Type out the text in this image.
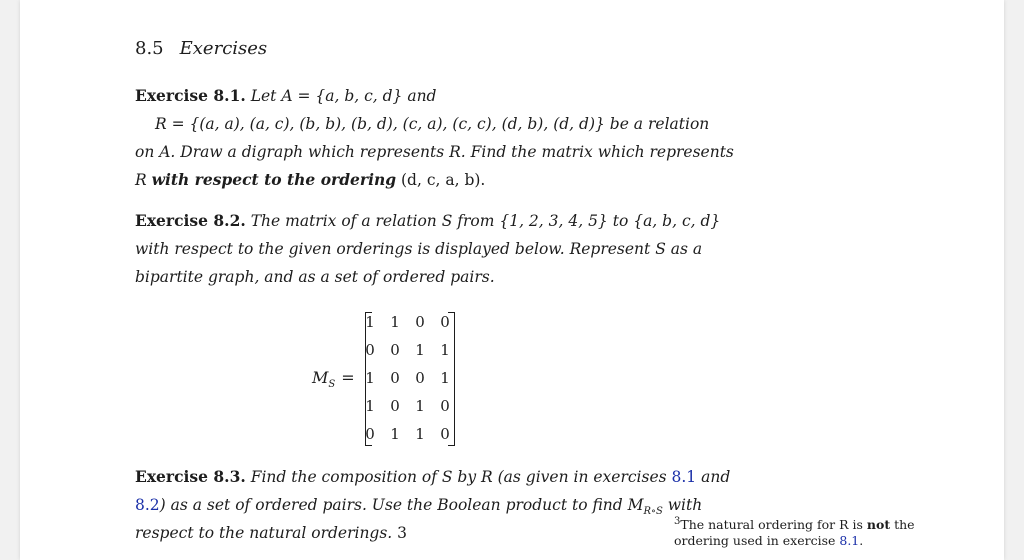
8.5 Exercises
Exercise 8.1. Let A = {a, b, c, d} and
R = {(a, a), (a, c), (b, b), (b, d), (c, a), (c, c), (d, b), (d, d)} be a relation
on A. Draw a digraph which represents R. Find the matrix which represents
R with respect to the ordering (d, c, a, b).
Exercise 8.2. The matrix of a relation S from {1, 2, 3, 4, 5} to {a, b, c, d}
with respect to the given orderings is displayed below. Represent S as a
bipartite graph, and as a set of ordered pairs.
$M_S$ =
1 1 0 0
0 0 1 1
1 0 0 1
1 0 1 0
0 1 1 0
Exercise 8.3. Find the composition of S by R (as given in exercises 8.1 and
8.2) as a set of ordered pairs. Use the Boolean product to find $M_{R\circ S}$ with
respect to the natural orderings. 3
$^3$The natural ordering for R is not the
ordering used in exercise 8.1.
